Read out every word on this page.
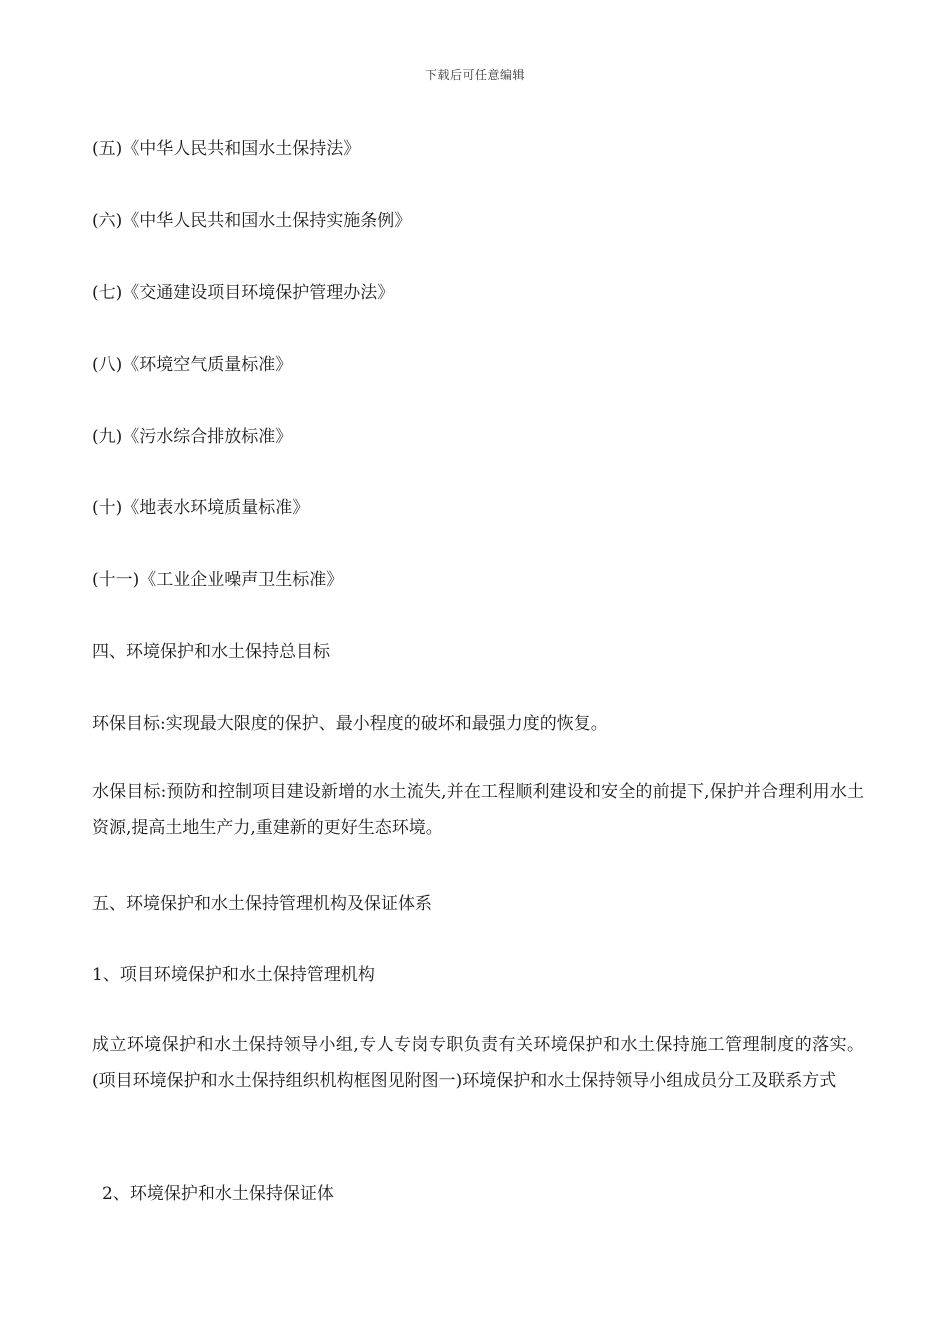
下载后可任意编辑
(五)《中华人民共和国水土保持法》
(六)《中华人民共和国水土保持实施条例》
(七)《交通建设项目环境保护管理办法》
(八)《环境空气质量标准》
(九)《污水综合排放标准》
(十)《地表水环境质量标准》
(十一)《工业企业噪声卫生标准》
四、环境保护和水土保持总目标
环保目标:实现最大限度的保护、最小程度的破坏和最强力度的恢复。
水保目标:预防和控制项目建设新增的水土流失,并在工程顺利建设和安全的前提下,保护并合理利用水土资源,提高土地生产力,重建新的更好生态环境。
五、环境保护和水土保持管理机构及保证体系
1、项目环境保护和水土保持管理机构
成立环境保护和水土保持领导小组,专人专岗专职负责有关环境保护和水土保持施工管理制度的落实。(项目环境保护和水土保持组织机构框图见附图一)环境保护和水土保持领导小组成员分工及联系方式
2、环境保护和水土保持保证体
